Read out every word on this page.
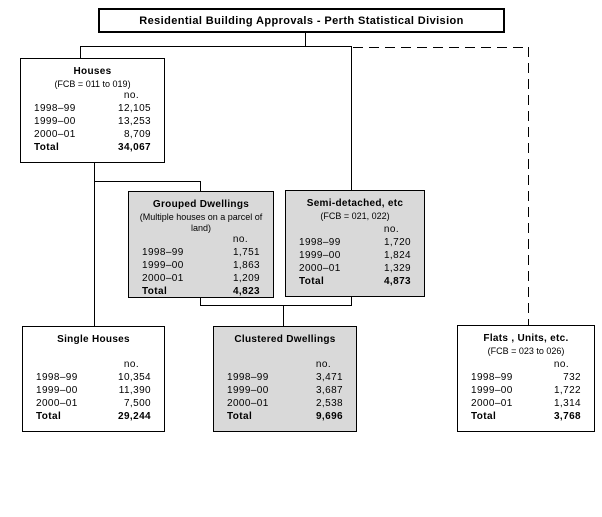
Residential Building Approvals - Perth Statistical Division
Houses
(FCB = 011 to 019)
no.
1998–99	12,105
1999–00	13,253
2000–01	8,709
Total	34,067
Grouped Dwellings
(Multiple houses on a parcel of land)
no.
1998–99	1,751
1999–00	1,863
2000–01	1,209
Total	4,823
Semi-detached, etc
(FCB = 021, 022)
no.
1998–99	1,720
1999–00	1,824
2000–01	1,329
Total	4,873
Single Houses
no.
1998–99	10,354
1999–00	11,390
2000–01	7,500
Total	29,244
Clustered Dwellings
no.
1998–99	3,471
1999–00	3,687
2000–01	2,538
Total	9,696
Flats , Units, etc.
(FCB = 023 to 026)
no.
1998–99	732
1999–00	1,722
2000–01	1,314
Total	3,768
